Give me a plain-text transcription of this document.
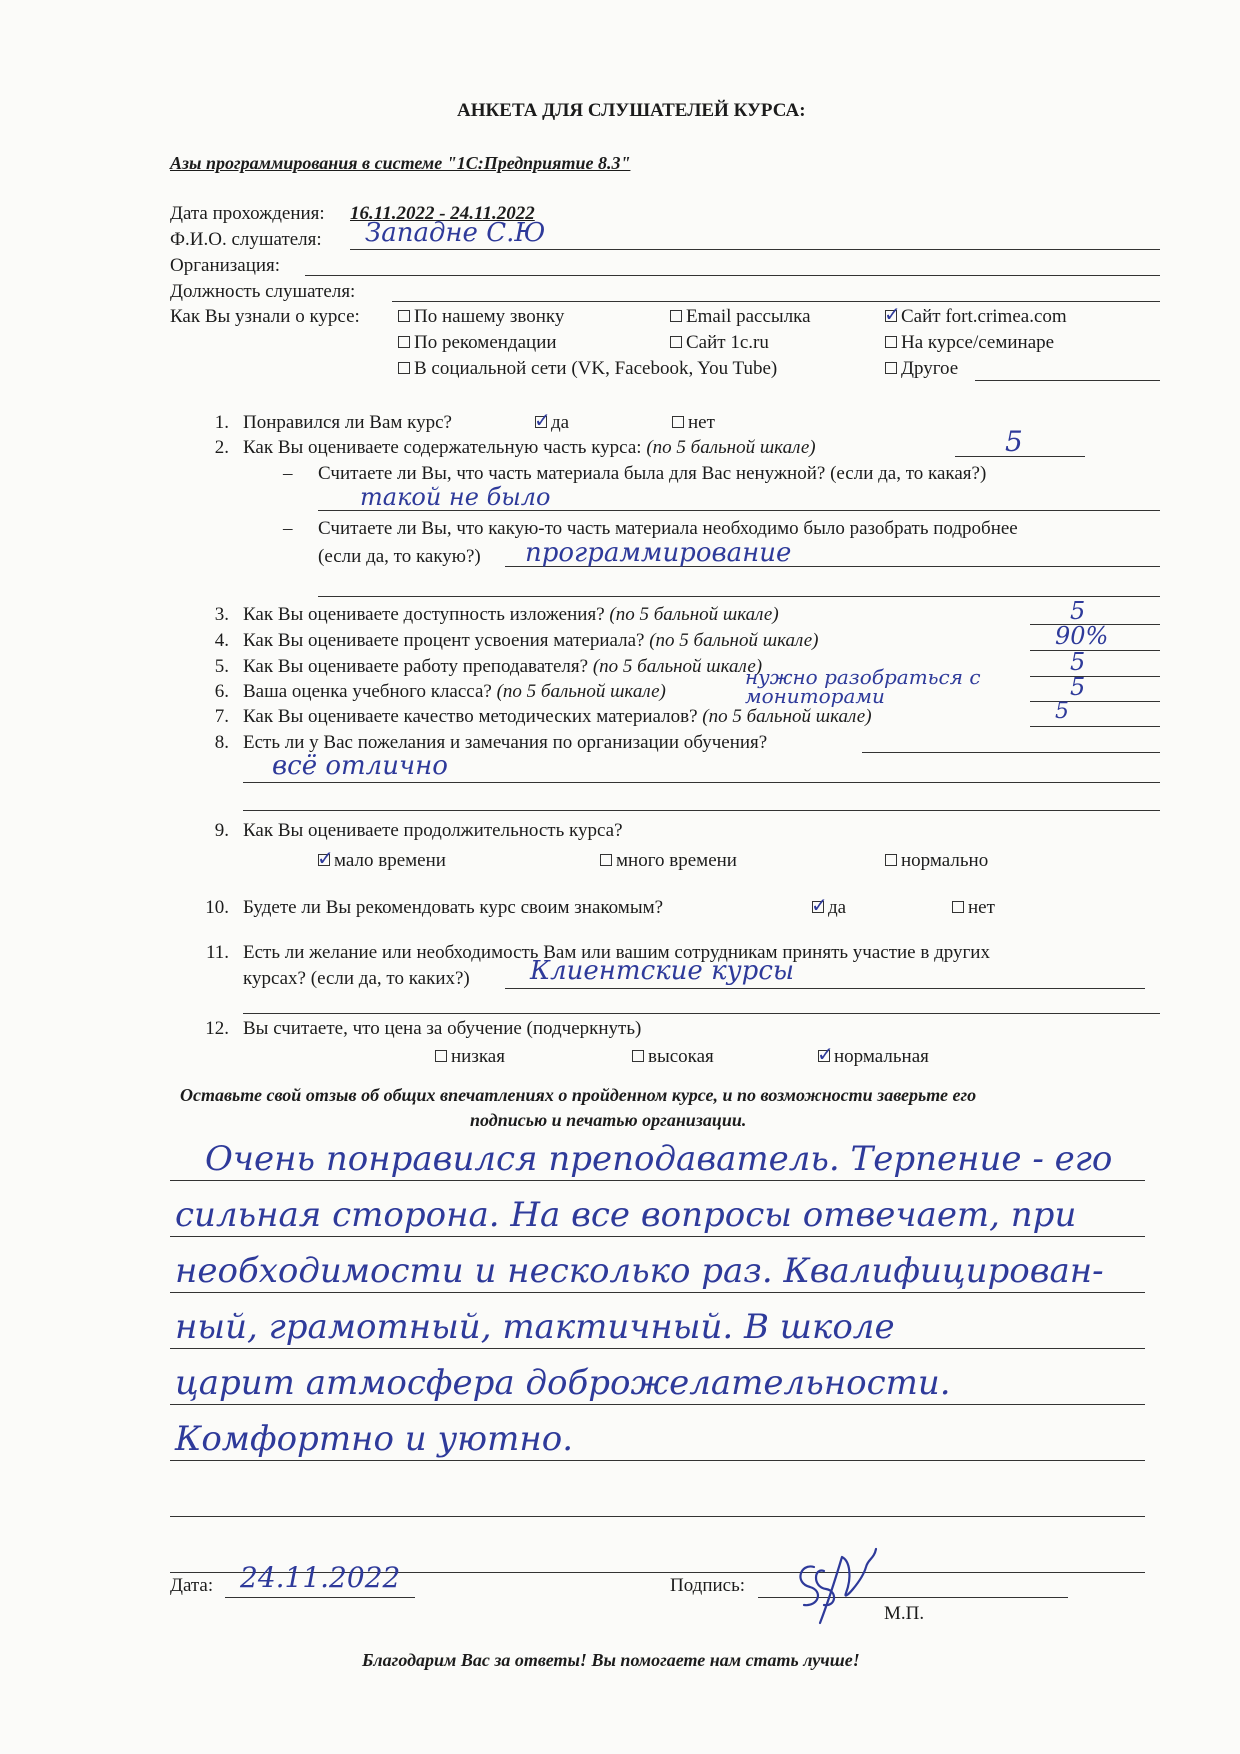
АНКЕТА ДЛЯ СЛУШАТЕЛЕЙ КУРСА:
Азы программирования в системе "1С:Предприятие 8.3"
Дата прохождения: 16.11.2022 - 24.11.2022
Ф.И.О. слушателя: Западне С.Ю
Организация:
Должность слушателя:
Как Вы узнали о курсе:	По нашему звонку	Email рассылка	✓ Сайт fort.crimea.com
По рекомендации	Сайт 1c.ru	На курсе/семинаре
В социальной сети (VK, Facebook, You Tube)	Другое
1. Понравился ли Вам курс?	✓ да	нет
2. Как Вы оцениваете содержательную часть курса: (по 5 бальной шкале)	5
– Считаете ли Вы, что часть материала была для Вас ненужной? (если да, то какая?)
такой не было
– Считаете ли Вы, что какую-то часть материала необходимо было разобрать подробнее
(если да, то какую?) программирование
3. Как Вы оцениваете доступность изложения? (по 5 бальной шкале)	5
4. Как Вы оцениваете процент усвоения материала? (по 5 бальной шкале)	90%
5. Как Вы оцениваете работу преподавателя? (по 5 бальной шкале)	5
6. Ваша оценка учебного класса? (по 5 бальной шкале)
нужно разобраться с мониторами	5
7. Как Вы оцениваете качество методических материалов? (по 5 бальной шкале)	5
8. Есть ли у Вас пожелания и замечания по организации обучения?
всё отлично
9. Как Вы оцениваете продолжительность курса?
✓ мало времени	много времени	нормально
10. Будете ли Вы рекомендовать курс своим знакомым?	✓ да	нет
11. Есть ли желание или необходимость Вам или вашим сотрудникам принять участие в других
курсах? (если да, то каких?) Клиентские курсы
12. Вы считаете, что цена за обучение (подчеркнуть)
низкая	высокая	✓ нормальная
Оставьте свой отзыв об общих впечатлениях о пройденном курсе, и по возможности заверьте его
подписью и печатью организации.
Очень понравился преподаватель. Терпение - его
сильная сторона. На все вопросы отвечает, при
необходимости и несколько раз. Квалифицирован-
ный, грамотный, тактичный. В школе
царит атмосфера доброжелательности.
Комфортно и уютно.
Дата: 24.11.2022	Подпись:
М.П.
Благодарим Вас за ответы! Вы помогаете нам стать лучше!
